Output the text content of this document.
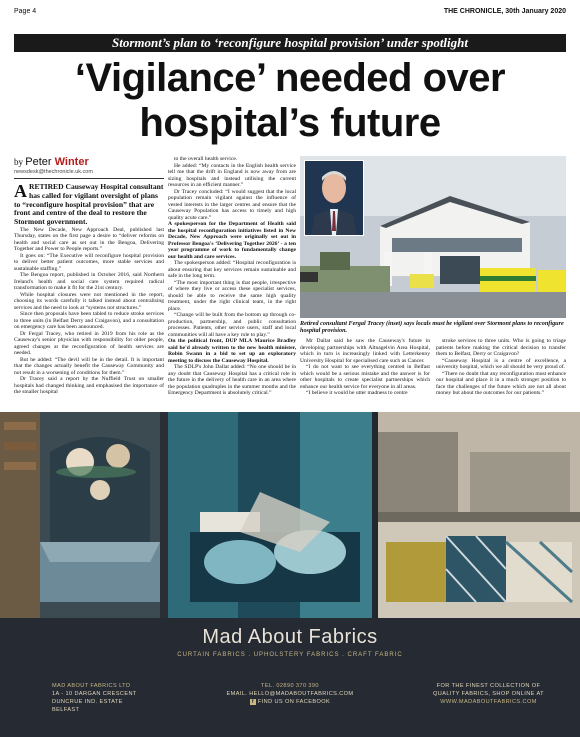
Page 4	THE CHRONICLE, 30th January 2020
Stormont’s plan to ‘reconfigure hospital provision’ under spotlight
‘Vigilance’ needed over
hospital’s future
by Peter Winter
newsdesk@thechronicle.uk.com

ARETIRED Causeway Hospital consultant has called for vigilant oversight of plans to “reconfigure hospital provision” that are front and centre of the deal to restore the Stormont government.

The New Decade, New Approach Deal, published last Thursday, states on the first page a desire to “deliver reforms on health and social care as set out in the Bengoa, Delivering Together and Power to People reports.”

It goes on: “The Executive will reconfigure hospital provision to deliver better patient outcomes, more stable services and sustainable staffing.”

The Bengoa report, published in October 2016, said Northern Ireland's health and social care system required radical transformation to make it fit for the 21st century.

While hospital closures were not mentioned in the report, choosing its words carefully it talked instead about centralising services and the need to look at “systems not structures.”

Since then proposals have been tabled to reduce stroke services to three units (in Belfast Derry and Craigavon), and a consultation on emergency care has been announced.

Dr Fergal Tracey, who retired in 2019 from his role as the Causeway's senior physician with responsibility for older people, agreed changes at the reconfiguration of health services are needed.

But he added: “The devil will be in the detail. It is important that the changes actually benefit the Causeway Community and not result in a worsening of conditions for them.”

Dr Tracey said a report by the Nuffield Trust on smaller hospitals had changed thinking and emphasised the importance of the smaller hospital

to the overall health service.

He added: “My contacts in the English health service tell me that the drift in England is now away from are sizing hospitals and instead utilising the current resources in an efficient manner.”

Dr Tracey concluded: “I would suggest that the local population remain vigilant against the influence of vested interests in the larger centres and ensure that the Causeway Population has access to timely and high quality acute care.”

A spokesperson for the Department of Health said the hospital reconfiguration initiatives listed in New Decade, New Approach were originally set out in Professor Bengoa's ‘Delivering Together 2026’ - a ten year programme of work to fundamentally change our health and care services.

The spokesperson added: “Hospital reconfiguration is about ensuring that key services remain sustainable and safe in the long term.

“The most important thing is that people, irrespective of where they live or access these specialist services, should be able to receive the same high quality treatment, under the right clinical team, in the right place.

“Change will be built from the bottom up through co-production, partnership, and public consultation processes. Patients, other service users, staff and local communities will all have a key role to play.”

On the political front, DUP MLA Maurice Bradley said he'd already written to the new health minister, Robin Swann in a bid to set up an exploratory meeting to discuss the Causeway Hospital.

The SDLP's John Dallat added: “No one should be in any doubt that Causeway Hospital has a critical role in the future in the delivery of health care in an area where the population quadruples in the summer months and the Emergency Department is absolutely critical.”

Retired consultant Fergal Tracey (inset) says locals must be vigilant over Stormont plans to reconfigure hospital provision.

Mr Dallat said he saw the Causeway's future in developing partnerships with Altnagelvin Area Hospital, which in turn is increasingly linked with Letterkenny University Hospital for specialised care such as Cancer.

“I do not want to see everything centred in Belfast which would be a serious mistake and the answer is for other hospitals to create specialist partnerships which enhance our health service for everyone in all areas.

“I believe it would be utter madness to centre

stroke services to three units. Who is going to triage patients before making the critical decision to transfer them to Belfast, Derry or Craigavon?

“Causeway Hospital is a centre of excellence, a university hospital, which we all should be very proud of.

“There no doubt that any reconfiguration must enhance our hospital and place it in a much stronger position to face the challenges of the future which are not all about money but about the outcomes for our patients.”

Mad About Fabrics
CURTAIN FABRICS . UPHOLSTERY FABRICS . CRAFT FABRIC
MAD ABOUT FABRICS LTD
1A - 10 DARGAN CRESCENT
DUNCRUE IND. ESTATE
BELFAST
TEL. 02890 370 390
EMAIL. HELLO@MADABOUTFABRICS.COM
f FIND US ON FACEBOOK
FOR THE FINEST COLLECTION OF
QUALITY FABRICS, SHOP ONLINE AT
WWW.MADABOUTFABRICS.COM
